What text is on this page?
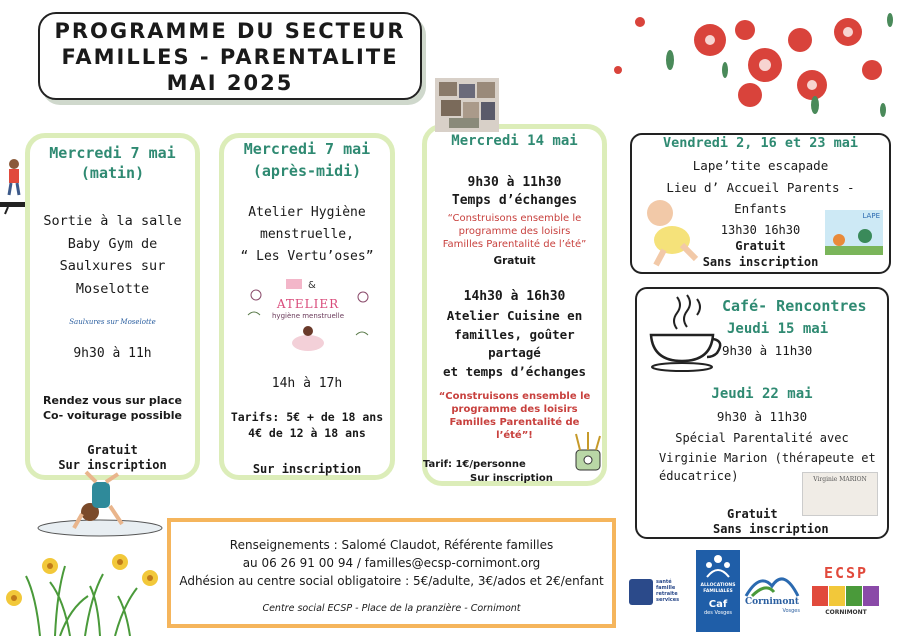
PROGRAMME DU SECTEUR
FAMILLES - PARENTALITE
MAI 2025
Mercredi 7 mai
(matin)
Sortie à la salle
Baby Gym de
Saulxures sur
Moselotte
Saulxures sur Moselotte
9h30 à 11h
Rendez vous sur place
Co- voiturage possible
Gratuit
Sur inscription
Mercredi 7 mai
(après-midi)
Atelier Hygiène
menstruelle,
“ Les Vertu’oses”
&
ATELIER
hygiène menstruelle
14h à 17h
Tarifs: 5€ + de 18 ans
4€ de 12 à 18 ans
Sur inscription
Mercredi 14 mai
9h30 à 11h30
Temps d’échanges
“Construisons ensemble le
programme des loisirs
Familles Parentalité de l’été”
Gratuit
14h30 à 16h30
Atelier Cuisine en
familles, goûter
partagé
et temps d’échanges
“Construisons ensemble le
programme des loisirs
Familles Parentalité de
l’été”!
Tarif: 1€/personne
Sur inscription
Vendredi 2, 16 et 23 mai
Lape’tite escapade
Lieu d’ Accueil Parents -
Enfants
13h30 16h30
Gratuit
Sans inscription
LAPE
Café- Rencontres
Jeudi 15 mai
9h30 à 11h30
Jeudi 22 mai
9h30 à 11h30
Spécial Parentalité avec
Virginie Marion (thérapeute et
éducatrice)	Virginie MARION
Gratuit
Sans inscription
Renseignements : Salomé Claudot, Référente familles
au 06 26 91 00 94 / familles@ecsp-cornimont.org
Adhésion au centre social obligatoire : 5€/adulte, 3€/ados et 2€/enfant
Centre social ECSP - Place de la pranzière - Cornimont
santé
famille
retraite
services
ALLOCATIONS
FAMILIALES
Caf
des Vosges
Cornimont
Vosges
ECSP
CORNIMONT
